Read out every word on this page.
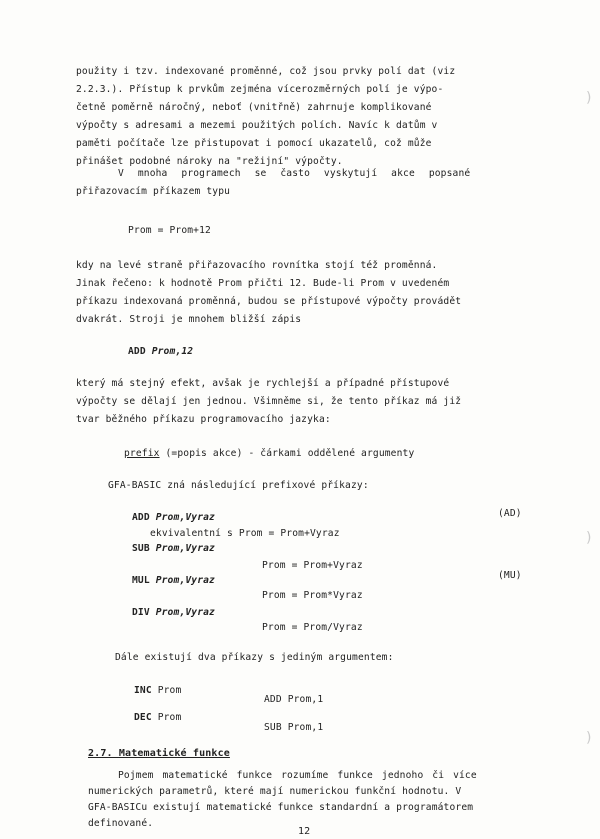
použity i tzv. indexované proměnné, což jsou prvky polí dat (viz
2.2.3.). Přístup k prvkům zejména vícerozměrných polí je výpo-
četně poměrně náročný, neboť (vnitřně) zahrnuje komplikované
výpočty s adresami a mezemi použitých polích. Navíc k datům v
paměti počítače lze přistupovat i pomocí ukazatelů, což může
přinášet podobné nároky na "režijní" výpočty.
V mnoha programech se často vyskytují akce popsané
přiřazovacím příkazem typu
Prom = Prom+12
kdy na levé straně přiřazovacího rovnítka stojí též proměnná.
Jinak řečeno: k hodnotě Prom přičti 12. Bude-li Prom v uvedeném
příkazu indexovaná proměnná, budou se přístupové výpočty provádět
dvakrát. Stroji je mnohem bližší zápis
ADD Prom,12
který má stejný efekt, avšak je rychlejší a případné přístupové
výpočty se dělají jen jednou. Všimněme si, že tento příkaz má již
tvar běžného příkazu programovacího jazyka:
prefix (=popis akce) - čárkami oddělené argumenty
GFA-BASIC zná následující prefixové příkazy:
ADD Prom,Vyraz	(AD)
ekvivalentní s Prom = Prom+Vyraz
SUB Prom,Vyraz
Prom = Prom+Vyraz
MUL Prom,Vyraz	(MU)
Prom = Prom*Vyraz
DIV Prom,Vyraz
Prom = Prom/Vyraz
Dále existují dva příkazy s jediným argumentem:
INC Prom
ADD Prom,1
DEC Prom
SUB Prom,1
2.7. Matematické funkce
Pojmem matematické funkce rozumíme funkce jednoho či více
numerických parametrů, které mají numerickou funkční hodnotu. V
GFA-BASICu existují matematické funkce standardní a programátorem
definované.
12
)
)
)
